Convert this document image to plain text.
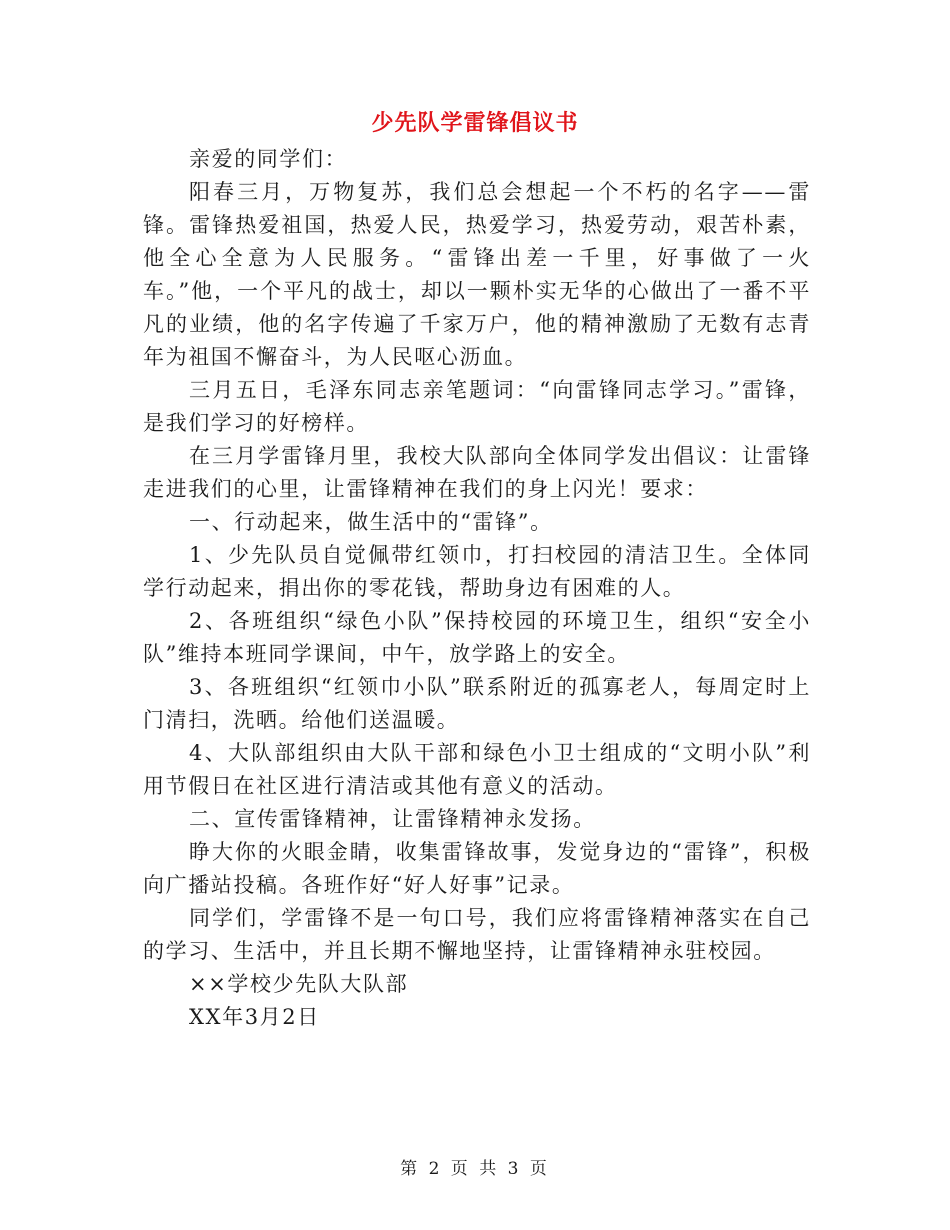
少先队学雷锋倡议书

亲爱的同学们：

阳春三月，万物复苏，我们总会想起一个不朽的名字——雷锋。雷锋热爱祖国，热爱人民，热爱学习，热爱劳动，艰苦朴素，他全心全意为人民服务。“雷锋出差一千里，好事做了一火车。”他，一个平凡的战士，却以一颗朴实无华的心做出了一番不平凡的业绩，他的名字传遍了千家万户，他的精神激励了无数有志青年为祖国不懈奋斗，为人民呕心沥血。

三月五日，毛泽东同志亲笔题词：“向雷锋同志学习。”雷锋，是我们学习的好榜样。

在三月学雷锋月里，我校大队部向全体同学发出倡议：让雷锋走进我们的心里，让雷锋精神在我们的身上闪光！要求：

一、行动起来，做生活中的“雷锋”。

1、少先队员自觉佩带红领巾，打扫校园的清洁卫生。全体同学行动起来，捐出你的零花钱，帮助身边有困难的人。

2、各班组织“绿色小队”保持校园的环境卫生，组织“安全小队”维持本班同学课间，中午，放学路上的安全。

3、各班组织“红领巾小队”联系附近的孤寡老人，每周定时上门清扫，洗晒。给他们送温暖。

4、大队部组织由大队干部和绿色小卫士组成的“文明小队”利用节假日在社区进行清洁或其他有意义的活动。

二、宣传雷锋精神，让雷锋精神永发扬。

睁大你的火眼金睛，收集雷锋故事，发觉身边的“雷锋”，积极向广播站投稿。各班作好“好人好事”记录。

同学们，学雷锋不是一句口号，我们应将雷锋精神落实在自己的学习、生活中，并且长期不懈地坚持，让雷锋精神永驻校园。

××学校少先队大队部

XX年3月2日

第 2 页 共 3 页
